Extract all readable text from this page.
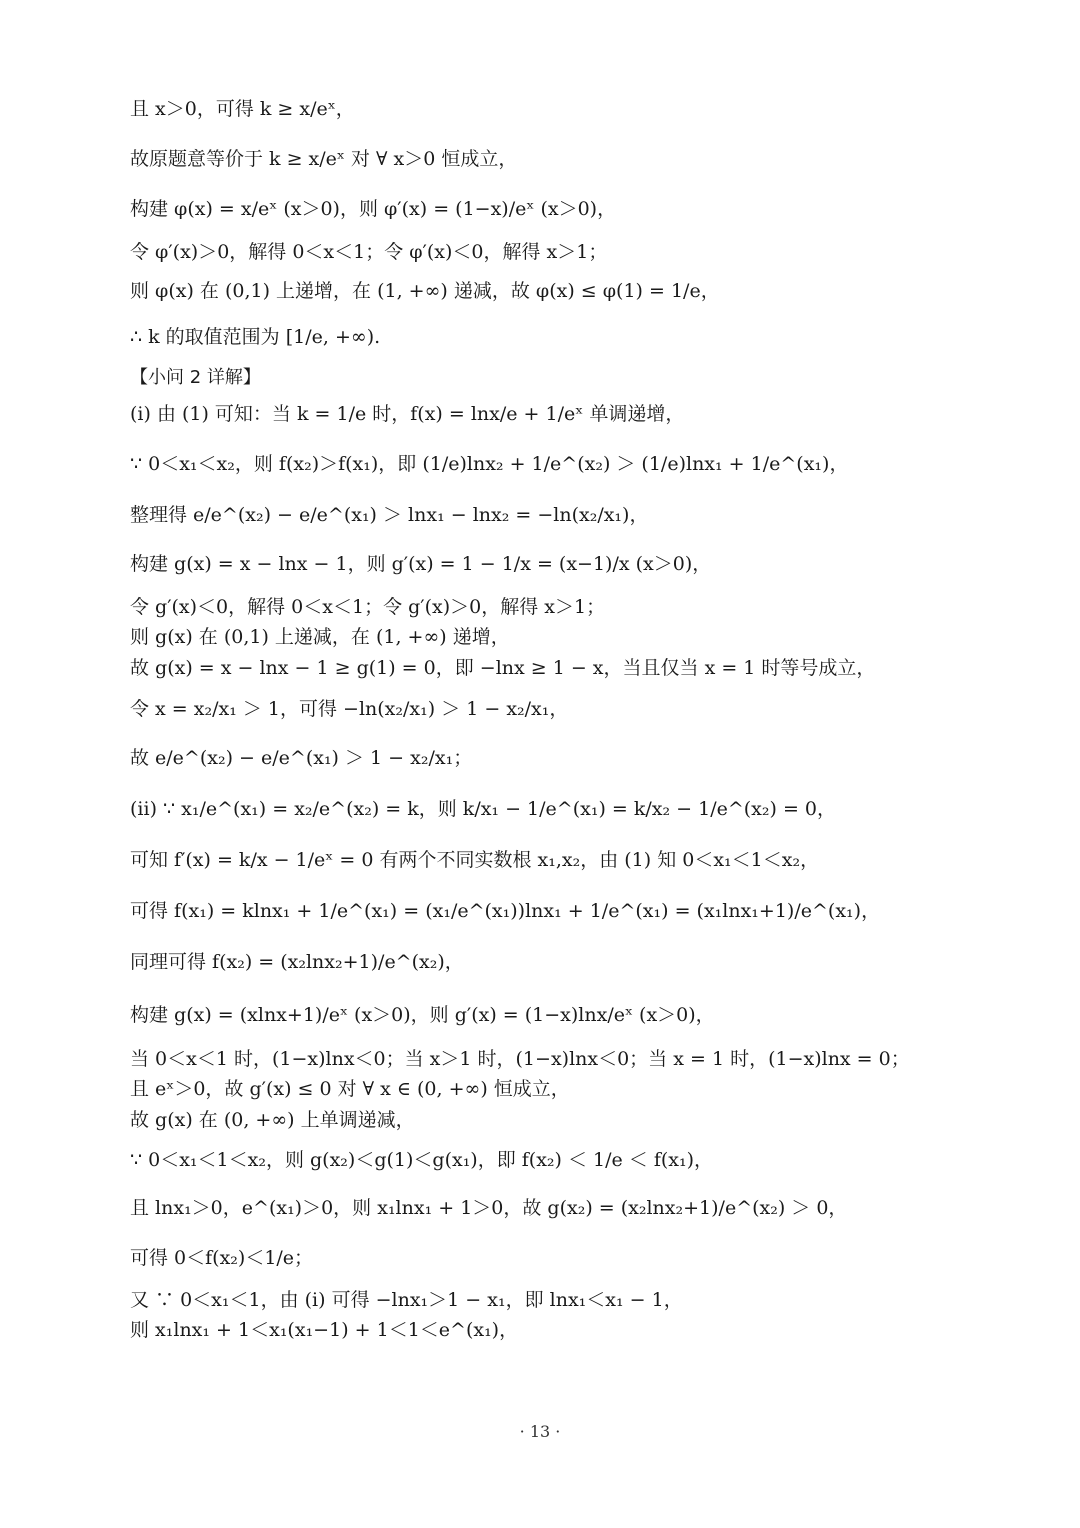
且 x＞0，可得 k ≥ x/eˣ，
故原题意等价于 k ≥ x/eˣ 对 ∀ x＞0 恒成立，
构建 φ(x) = x/eˣ (x＞0)，则 φ′(x) = (1−x)/eˣ (x＞0)，
令 φ′(x)＞0，解得 0＜x＜1；令 φ′(x)＜0，解得 x＞1；
则 φ(x) 在 (0,1) 上递增，在 (1, +∞) 递减，故 φ(x) ≤ φ(1) = 1/e，
∴ k 的取值范围为 [1/e, +∞).
【小问 2 详解】
(i) 由 (1) 可知：当 k = 1/e 时，f(x) = lnx/e + 1/eˣ 单调递增，
∵ 0＜x₁＜x₂，则 f(x₂)＞f(x₁)，即 (1/e)lnx₂ + 1/e^(x₂) ＞ (1/e)lnx₁ + 1/e^(x₁)，
整理得 e/e^(x₂) − e/e^(x₁) ＞ lnx₁ − lnx₂ = −ln(x₂/x₁)，
构建 g(x) = x − lnx − 1，则 g′(x) = 1 − 1/x = (x−1)/x (x＞0)，
令 g′(x)＜0，解得 0＜x＜1；令 g′(x)＞0，解得 x＞1；
则 g(x) 在 (0,1) 上递减，在 (1, +∞) 递增，
故 g(x) = x − lnx − 1 ≥ g(1) = 0，即 −lnx ≥ 1 − x，当且仅当 x = 1 时等号成立，
令 x = x₂/x₁ ＞ 1，可得 −ln(x₂/x₁) ＞ 1 − x₂/x₁，
故 e/e^(x₂) − e/e^(x₁) ＞ 1 − x₂/x₁；
(ii) ∵ x₁/e^(x₁) = x₂/e^(x₂) = k，则 k/x₁ − 1/e^(x₁) = k/x₂ − 1/e^(x₂) = 0，
可知 f′(x) = k/x − 1/eˣ = 0 有两个不同实数根 x₁,x₂，由 (1) 知 0＜x₁＜1＜x₂，
可得 f(x₁) = klnx₁ + 1/e^(x₁) = (x₁/e^(x₁))lnx₁ + 1/e^(x₁) = (x₁lnx₁+1)/e^(x₁)，
同理可得 f(x₂) = (x₂lnx₂+1)/e^(x₂)，
构建 g(x) = (xlnx+1)/eˣ (x＞0)，则 g′(x) = (1−x)lnx/eˣ (x＞0)，
当 0＜x＜1 时，(1−x)lnx＜0；当 x＞1 时，(1−x)lnx＜0；当 x = 1 时，(1−x)lnx = 0；
且 eˣ＞0，故 g′(x) ≤ 0 对 ∀ x ∈ (0, +∞) 恒成立，
故 g(x) 在 (0, +∞) 上单调递减，
∵ 0＜x₁＜1＜x₂，则 g(x₂)＜g(1)＜g(x₁)，即 f(x₂) ＜ 1/e ＜ f(x₁)，
且 lnx₁＞0，e^(x₁)＞0，则 x₁lnx₁ + 1＞0，故 g(x₂) = (x₂lnx₂+1)/e^(x₂) ＞ 0，
可得 0＜f(x₂)＜1/e；
又 ∵ 0＜x₁＜1，由 (i) 可得 −lnx₁＞1 − x₁，即 lnx₁＜x₁ − 1，
则 x₁lnx₁ + 1＜x₁(x₁−1) + 1＜1＜e^(x₁)，
· 13 ·
